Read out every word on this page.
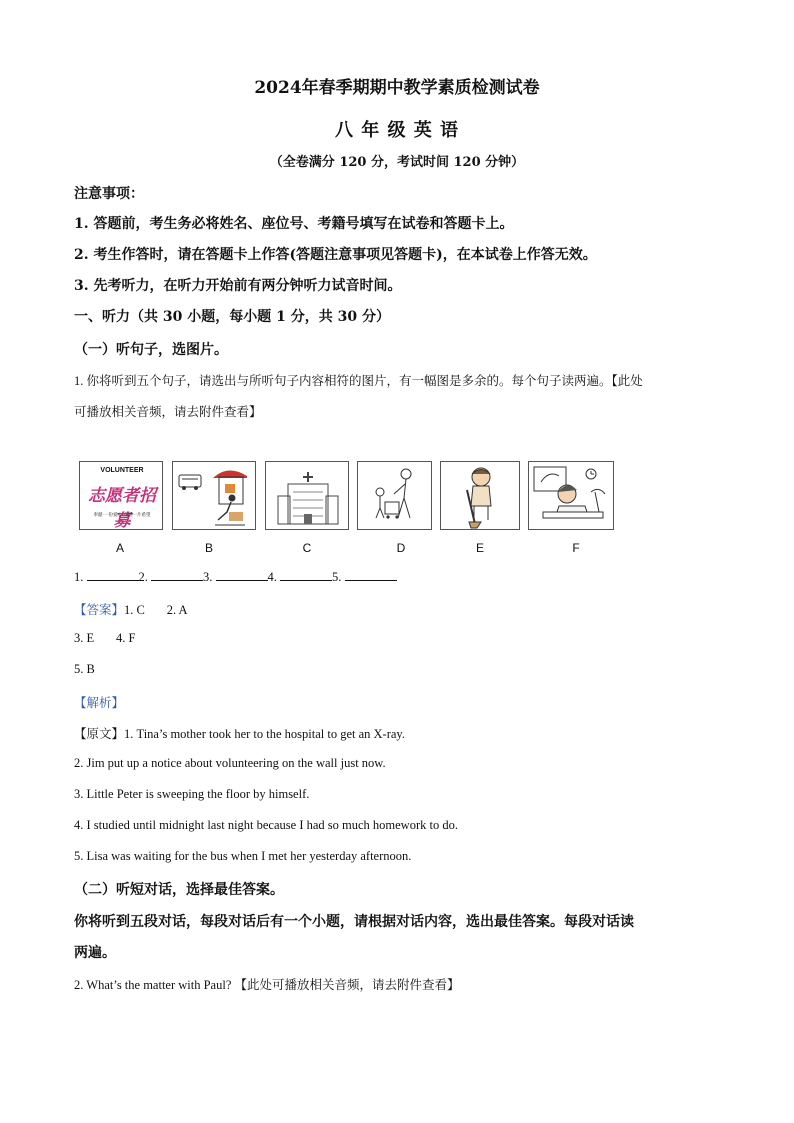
2024年春季期期中教学素质检测试卷
八 年 级 英 语
（全卷满分 120 分，考试时间 120 分钟）
注意事项：
1. 答题前，考生务必将姓名、座位号、考籍号填写在试卷和答题卡上。
2. 考生作答时，请在答题卡上作答(答题注意事项见答题卡)，在本试卷上作答无效。
3. 先考听力，在听力开始前有两分钟听力试音时间。
一、听力（共 30 小题，每小题 1 分，共 30 分）
（一）听句子，选图片。
1. 你将听到五个句子，请选出与所听句子内容相符的图片，有一幅图是多余的。每个句子读两遍。【此处
可播放相关音频，请去附件查看】
VOLUNTEER
志愿者招募
奉献·一份爱心·点燃一片希望
A	B	C	D	E	F
1.	2.	3.	4.	5.
【答案】1. C       2. A
3. E       4. F
5. B
【解析】
【原文】1. Tina’s mother took her to the hospital to get an X-ray.
2. Jim put up a notice about volunteering on the wall just now.
3. Little Peter is sweeping the floor by himself.
4. I studied until midnight last night because I had so much homework to do.
5. Lisa was waiting for the bus when I met her yesterday afternoon.
（二）听短对话，选择最佳答案。
你将听到五段对话，每段对话后有一个小题，请根据对话内容，选出最佳答案。每段对话读
两遍。
2. What’s the matter with Paul? 【此处可播放相关音频，请去附件查看】
